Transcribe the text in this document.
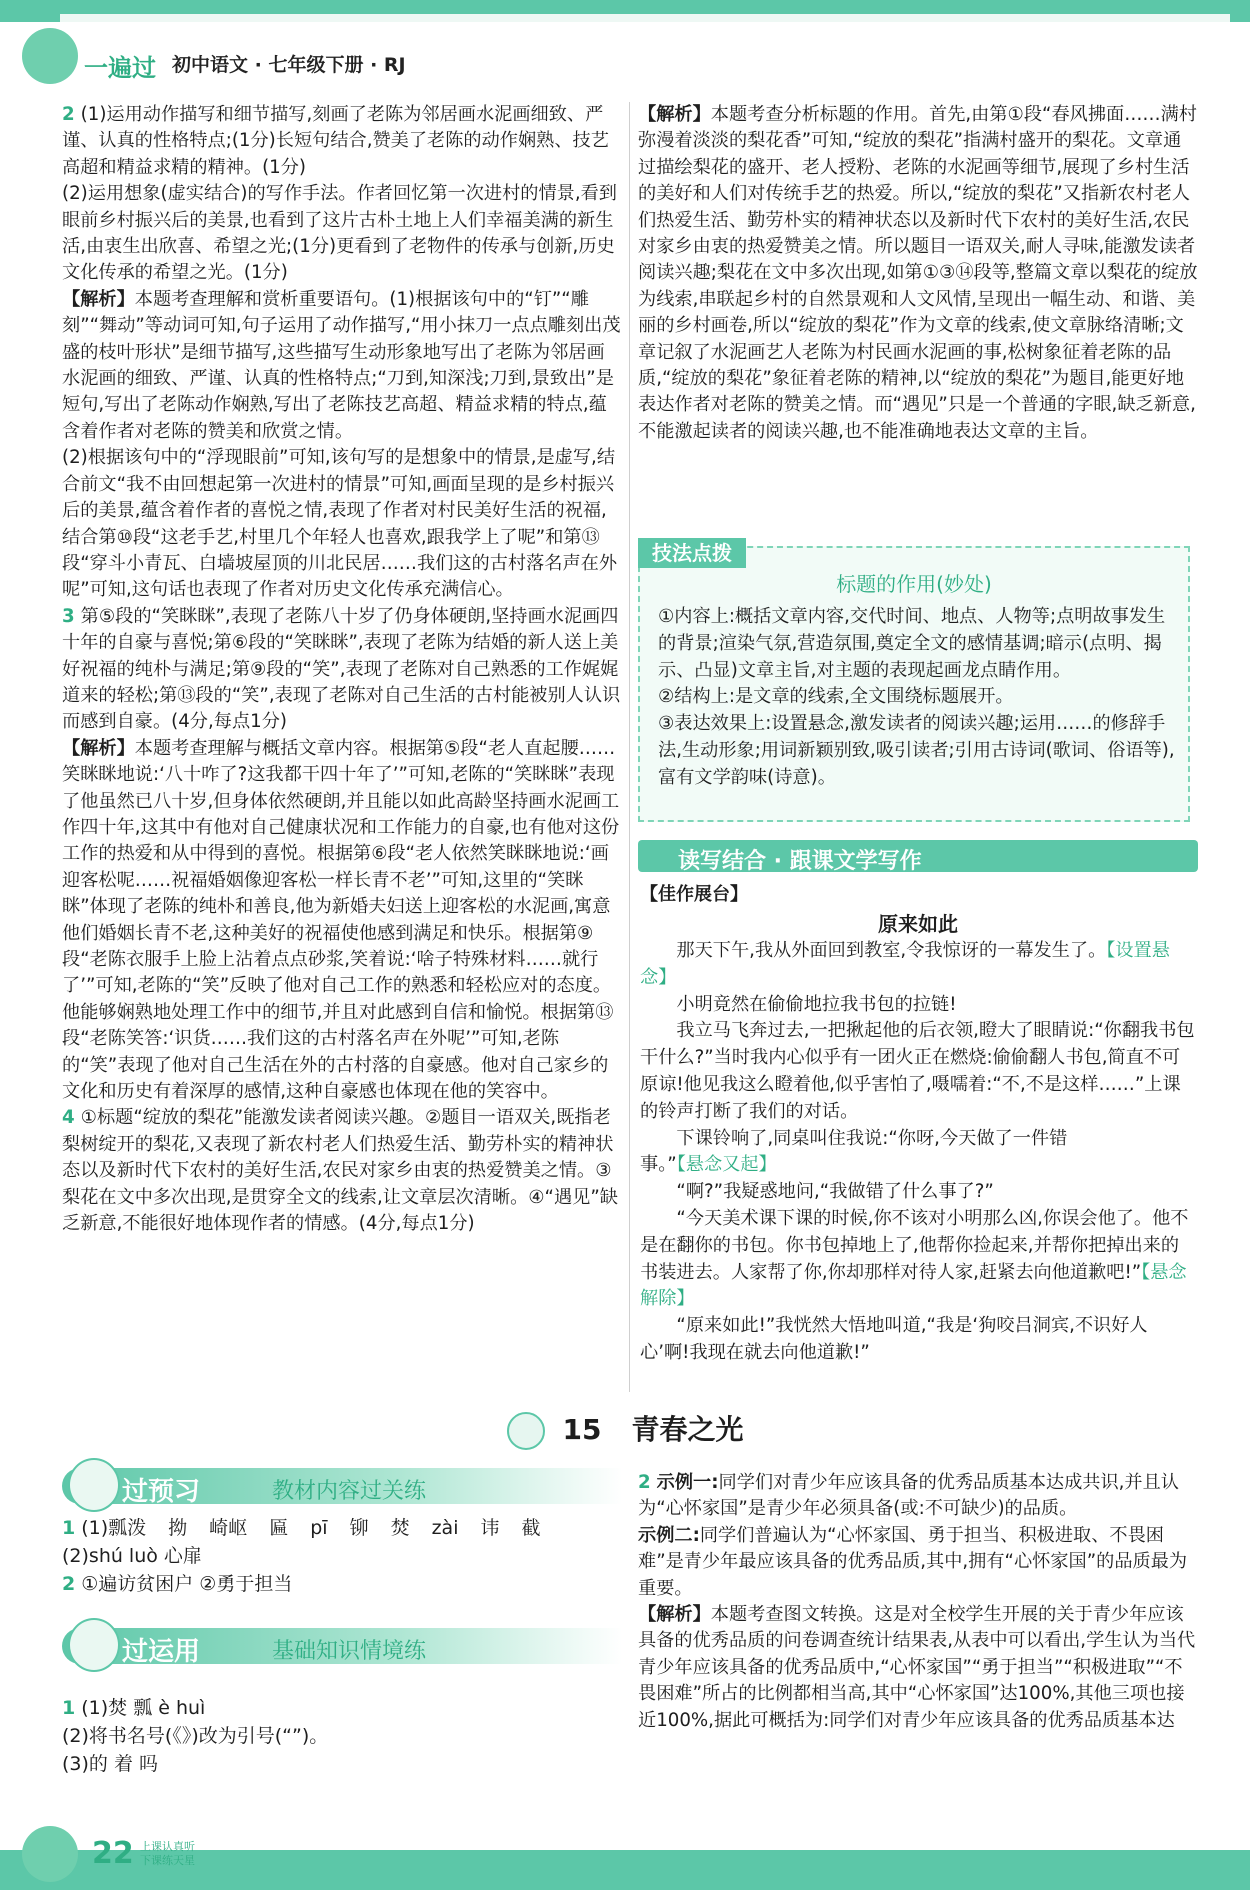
一遍过 初中语文 · 七年级下册 · RJ

2 (1)运用动作描写和细节描写,刻画了老陈为邻居画水泥画细致、严谨、认真的性格特点;(1分)长短句结合,赞美了老陈的动作娴熟、技艺高超和精益求精的精神。(1分)

(2)运用想象(虚实结合)的写作手法。作者回忆第一次进村的情景,看到眼前乡村振兴后的美景,也看到了这片古朴土地上人们幸福美满的新生活,由衷生出欣喜、希望之光;(1分)更看到了老物件的传承与创新,历史文化传承的希望之光。(1分)

【解析】本题考查理解和赏析重要语句。(1)根据该句中的“钉”“雕刻”“舞动”等动词可知,句子运用了动作描写,“用小抹刀一点点雕刻出茂盛的枝叶形状”是细节描写,这些描写生动形象地写出了老陈为邻居画水泥画的细致、严谨、认真的性格特点;“刀到,知深浅;刀到,景致出”是短句,写出了老陈动作娴熟,写出了老陈技艺高超、精益求精的特点,蕴含着作者对老陈的赞美和欣赏之情。

(2)根据该句中的“浮现眼前”可知,该句写的是想象中的情景,是虚写,结合前文“我不由回想起第一次进村的情景”可知,画面呈现的是乡村振兴后的美景,蕴含着作者的喜悦之情,表现了作者对村民美好生活的祝福,结合第⑩段“这老手艺,村里几个年轻人也喜欢,跟我学上了呢”和第⑬段“穿斗小青瓦、白墙坡屋顶的川北民居……我们这的古村落名声在外呢”可知,这句话也表现了作者对历史文化传承充满信心。

3 第⑤段的“笑眯眯”,表现了老陈八十岁了仍身体硬朗,坚持画水泥画四十年的自豪与喜悦;第⑥段的“笑眯眯”,表现了老陈为结婚的新人送上美好祝福的纯朴与满足;第⑨段的“笑”,表现了老陈对自己熟悉的工作娓娓道来的轻松;第⑬段的“笑”,表现了老陈对自己生活的古村能被别人认识而感到自豪。(4分,每点1分)

【解析】本题考查理解与概括文章内容。根据第⑤段“老人直起腰……笑眯眯地说:‘八十咋了?这我都干四十年了’”可知,老陈的“笑眯眯”表现了他虽然已八十岁,但身体依然硬朗,并且能以如此高龄坚持画水泥画工作四十年,这其中有他对自己健康状况和工作能力的自豪,也有他对这份工作的热爱和从中得到的喜悦。根据第⑥段“老人依然笑眯眯地说:‘画迎客松呢……祝福婚姻像迎客松一样长青不老’”可知,这里的“笑眯眯”体现了老陈的纯朴和善良,他为新婚夫妇送上迎客松的水泥画,寓意他们婚姻长青不老,这种美好的祝福使他感到满足和快乐。根据第⑨段“老陈衣服手上脸上沾着点点砂浆,笑着说:‘啥子特殊材料……就行了’”可知,老陈的“笑”反映了他对自己工作的熟悉和轻松应对的态度。他能够娴熟地处理工作中的细节,并且对此感到自信和愉悦。根据第⑬段“老陈笑答:‘识货……我们这的古村落名声在外呢’”可知,老陈的“笑”表现了他对自己生活在外的古村落的自豪感。他对自己家乡的文化和历史有着深厚的感情,这种自豪感也体现在他的笑容中。

4 ①标题“绽放的梨花”能激发读者阅读兴趣。②题目一语双关,既指老梨树绽开的梨花,又表现了新农村老人们热爱生活、勤劳朴实的精神状态以及新时代下农村的美好生活,农民对家乡由衷的热爱赞美之情。③梨花在文中多次出现,是贯穿全文的线索,让文章层次清晰。④“遇见”缺乏新意,不能很好地体现作者的情感。(4分,每点1分)

【解析】本题考查分析标题的作用。首先,由第①段“春风拂面……满村弥漫着淡淡的梨花香”可知,“绽放的梨花”指满村盛开的梨花。文章通过描绘梨花的盛开、老人授粉、老陈的水泥画等细节,展现了乡村生活的美好和人们对传统手艺的热爱。所以,“绽放的梨花”又指新农村老人们热爱生活、勤劳朴实的精神状态以及新时代下农村的美好生活,农民对家乡由衷的热爱赞美之情。所以题目一语双关,耐人寻味,能激发读者阅读兴趣;梨花在文中多次出现,如第①③⑭段等,整篇文章以梨花的绽放为线索,串联起乡村的自然景观和人文风情,呈现出一幅生动、和谐、美丽的乡村画卷,所以“绽放的梨花”作为文章的线索,使文章脉络清晰;文章记叙了水泥画艺人老陈为村民画水泥画的事,松树象征着老陈的品质,“绽放的梨花”象征着老陈的精神,以“绽放的梨花”为题目,能更好地表达作者对老陈的赞美之情。而“遇见”只是一个普通的字眼,缺乏新意,不能激起读者的阅读兴趣,也不能准确地表达文章的主旨。

标题的作用(妙处)
①内容上:概括文章内容,交代时间、地点、人物等;点明故事发生的背景;渲染气氛,营造氛围,奠定全文的感情基调;暗示(点明、揭示、凸显)文章主旨,对主题的表现起画龙点睛作用。
②结构上:是文章的线索,全文围绕标题展开。
③表达效果上:设置悬念,激发读者的阅读兴趣;运用……的修辞手法,生动形象;用词新颖别致,吸引读者;引用古诗词(歌词、俗语等),富有文学韵味(诗意)。
技法点拨
读写结合 · 跟课文学写作
【佳作展台】
原来如此

那天下午,我从外面回到教室,令我惊讶的一幕发生了。【设置悬念】

小明竟然在偷偷地拉我书包的拉链!

我立马飞奔过去,一把揪起他的后衣领,瞪大了眼睛说:“你翻我书包干什么?”当时我内心似乎有一团火正在燃烧:偷偷翻人书包,简直不可原谅!他见我这么瞪着他,似乎害怕了,嗫嚅着:“不,不是这样……”上课的铃声打断了我们的对话。

下课铃响了,同桌叫住我说:“你呀,今天做了一件错事。”【悬念又起】

“啊?”我疑惑地问,“我做错了什么事了?”

“今天美术课下课的时候,你不该对小明那么凶,你误会他了。他不是在翻你的书包。你书包掉地上了,他帮你捡起来,并帮你把掉出来的书装进去。人家帮了你,你却那样对待人家,赶紧去向他道歉吧!”【悬念解除】

“原来如此!”我恍然大悟地叫道,“我是‘狗咬吕洞宾,不识好人心’啊!我现在就去向他道歉!”

15 青春之光
过预习	教材内容过关练
1 (1)瓢泼 拗 崎岖 匾 pī 铆 焚 zài 讳 截
(2)shú luò 心扉
2 ①遍访贫困户 ②勇于担当
过运用	基础知识情境练
1 (1)焚 瓢 è huì
(2)将书名号(《》)改为引号(“”)。
(3)的 着 吗

2 示例一:同学们对青少年应该具备的优秀品质基本达成共识,并且认为“心怀家国”是青少年必须具备(或:不可缺少)的品质。

示例二:同学们普遍认为“心怀家国、勇于担当、积极进取、不畏困难”是青少年最应该具备的优秀品质,其中,拥有“心怀家国”的品质最为重要。

【解析】本题考查图文转换。这是对全校学生开展的关于青少年应该具备的优秀品质的问卷调查统计结果表,从表中可以看出,学生认为当代青少年应该具备的优秀品质中,“心怀家国”“勇于担当”“积极进取”“不畏困难”所占的比例都相当高,其中“心怀家国”达100%,其他三项也接近100%,据此可概括为:同学们对青少年应该具备的优秀品质基本达

22 上课认真听
下课练天星
